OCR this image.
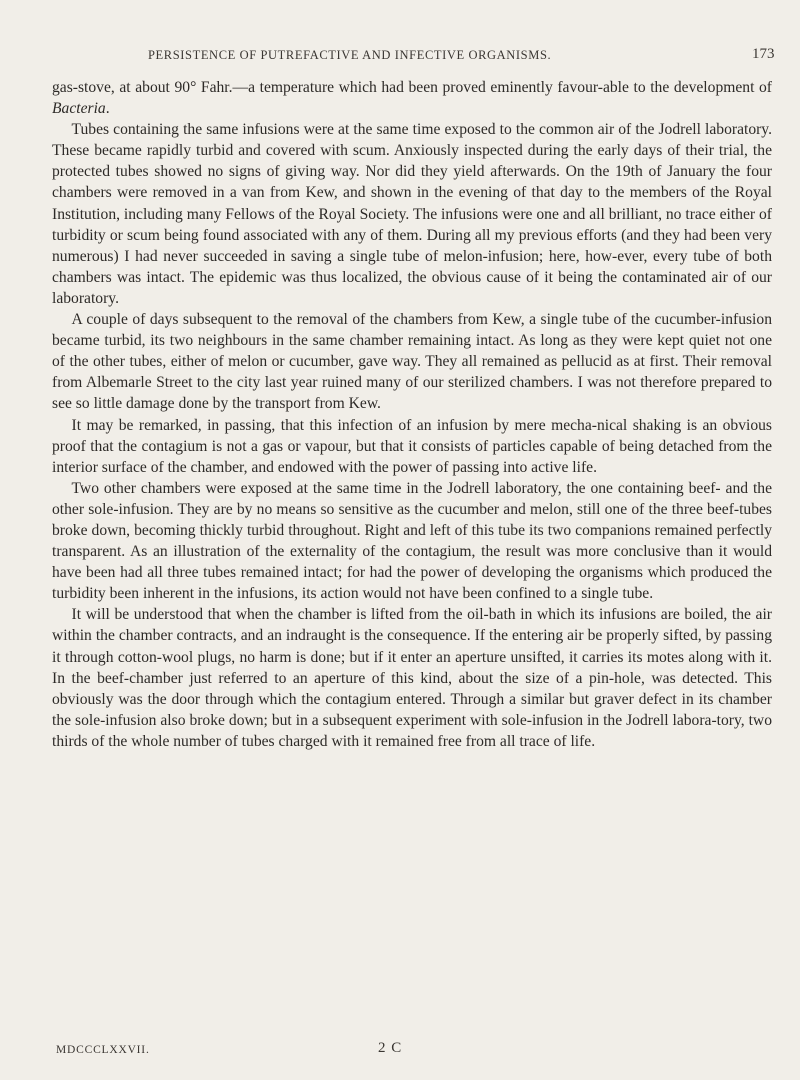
PERSISTENCE OF PUTREFACTIVE AND INFECTIVE ORGANISMS.	173

gas-stove, at about 90° Fahr.—a temperature which had been proved eminently favour-able to the development of Bacteria.

Tubes containing the same infusions were at the same time exposed to the common air of the Jodrell laboratory. These became rapidly turbid and covered with scum. Anxiously inspected during the early days of their trial, the protected tubes showed no signs of giving way. Nor did they yield afterwards. On the 19th of January the four chambers were removed in a van from Kew, and shown in the evening of that day to the members of the Royal Institution, including many Fellows of the Royal Society. The infusions were one and all brilliant, no trace either of turbidity or scum being found associated with any of them. During all my previous efforts (and they had been very numerous) I had never succeeded in saving a single tube of melon-infusion; here, how-ever, every tube of both chambers was intact. The epidemic was thus localized, the obvious cause of it being the contaminated air of our laboratory.

A couple of days subsequent to the removal of the chambers from Kew, a single tube of the cucumber-infusion became turbid, its two neighbours in the same chamber remaining intact. As long as they were kept quiet not one of the other tubes, either of melon or cucumber, gave way. They all remained as pellucid as at first. Their removal from Albemarle Street to the city last year ruined many of our sterilized chambers. I was not therefore prepared to see so little damage done by the transport from Kew.

It may be remarked, in passing, that this infection of an infusion by mere mecha-nical shaking is an obvious proof that the contagium is not a gas or vapour, but that it consists of particles capable of being detached from the interior surface of the chamber, and endowed with the power of passing into active life.

Two other chambers were exposed at the same time in the Jodrell laboratory, the one containing beef- and the other sole-infusion. They are by no means so sensitive as the cucumber and melon, still one of the three beef-tubes broke down, becoming thickly turbid throughout. Right and left of this tube its two companions remained perfectly transparent. As an illustration of the externality of the contagium, the result was more conclusive than it would have been had all three tubes remained intact; for had the power of developing the organisms which produced the turbidity been inherent in the infusions, its action would not have been confined to a single tube.

It will be understood that when the chamber is lifted from the oil-bath in which its infusions are boiled, the air within the chamber contracts, and an indraught is the consequence. If the entering air be properly sifted, by passing it through cotton-wool plugs, no harm is done; but if it enter an aperture unsifted, it carries its motes along with it. In the beef-chamber just referred to an aperture of this kind, about the size of a pin-hole, was detected. This obviously was the door through which the contagium entered. Through a similar but graver defect in its chamber the sole-infusion also broke down; but in a subsequent experiment with sole-infusion in the Jodrell labora-tory, two thirds of the whole number of tubes charged with it remained free from all trace of life.

MDCCCLXXVII.	2 C
